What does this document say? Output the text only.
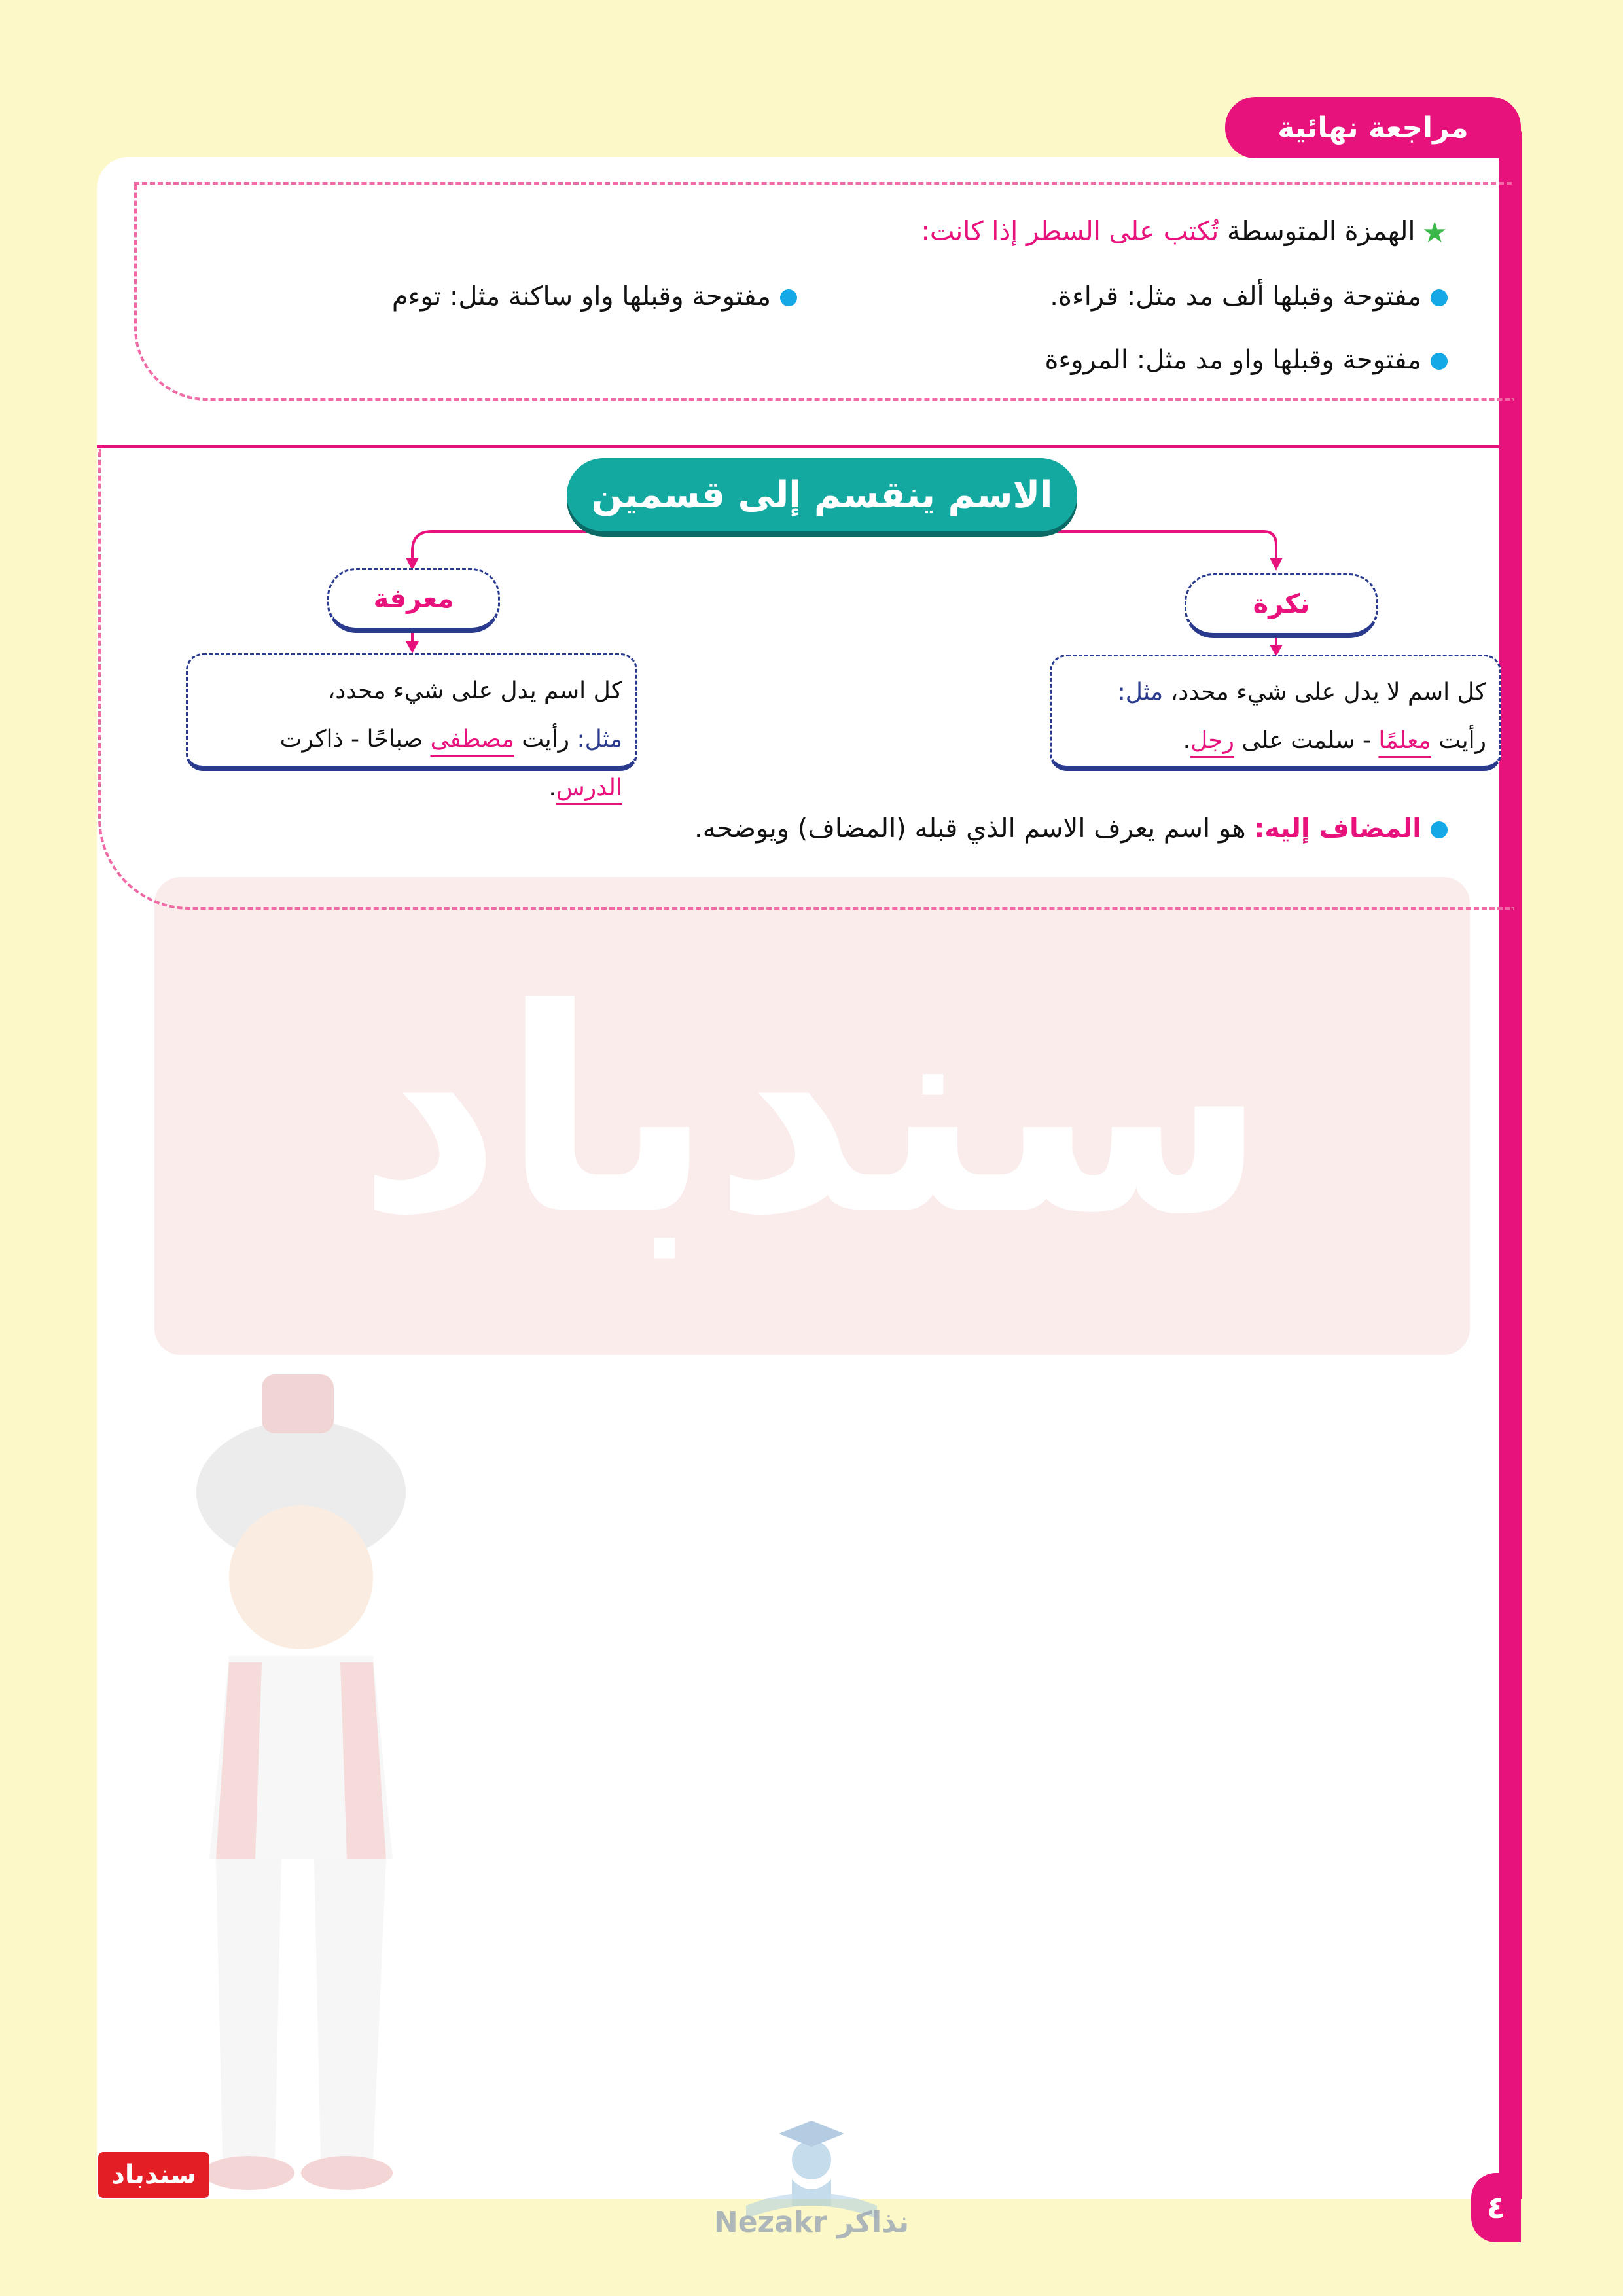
مراجعة نهائية
سندباد
★الهمزة المتوسطة تُكتب على السطر إذا كانت:
مفتوحة وقبلها ألف مد مثل: قراءة.
مفتوحة وقبلها واو ساكنة مثل: توءم
مفتوحة وقبلها واو مد مثل: المروءة
الاسم ينقسم إلى قسمين
نكرة
معرفة
كل اسم لا يدل على شيء محدد، مثل:
رأيت معلمًا - سلمت على رجل.
كل اسم يدل على شيء محدد،
مثل: رأيت مصطفى صباحًا - ذاكرت الدرس.
المضاف إليه: هو اسم يعرف الاسم الذي قبله (المضاف) ويوضحه.
سندباد
Nezakr نذاكر	٤
